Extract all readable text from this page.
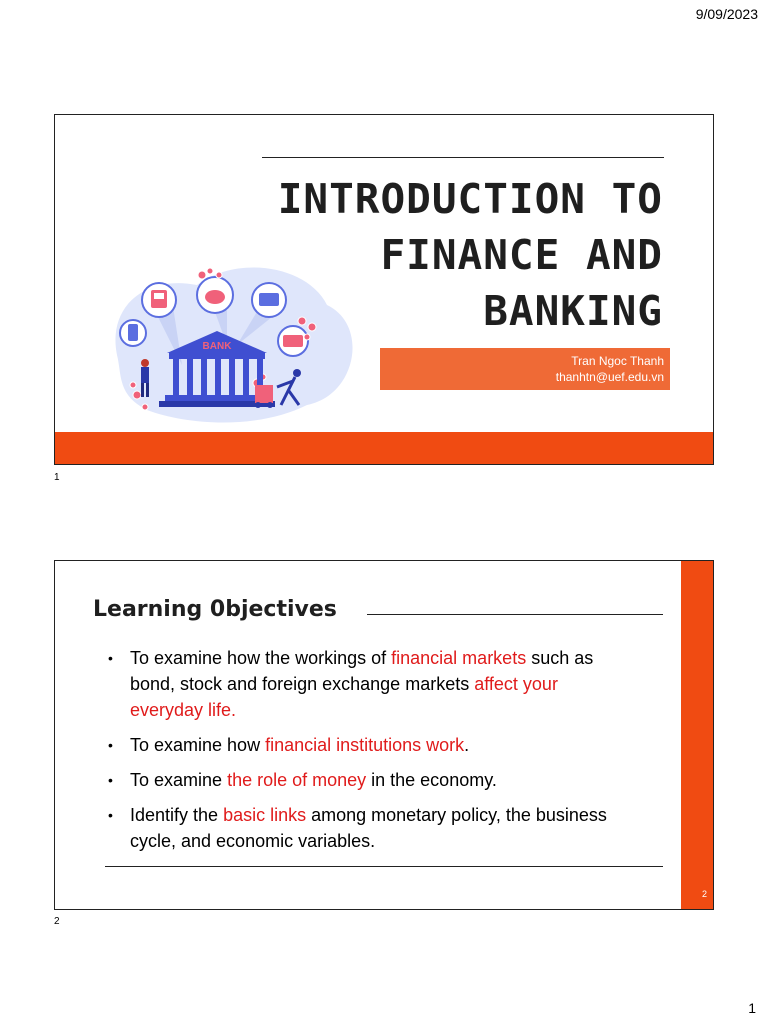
9/09/2023
INTRODUCTION TO
FINANCE AND
BANKING
BANK
Tran Ngoc Thanh
thanhtn@uef.edu.vn
1
Learning 0bjectives
• To examine how the workings of financial markets such as bond, stock and foreign exchange markets affect your everyday life.
• To examine how financial institutions work.
• To examine the role of money in the economy.
• Identify the basic links among monetary policy, the business cycle, and economic variables.
2
2
1
